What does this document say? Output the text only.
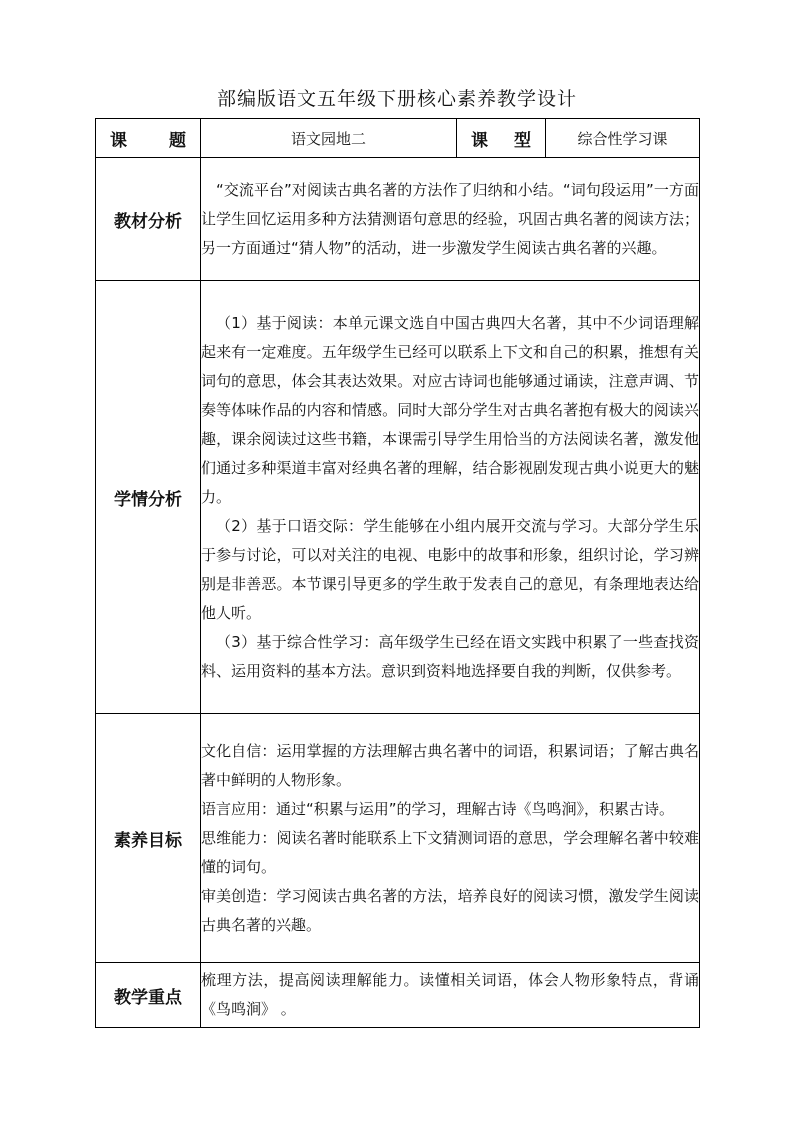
部编版语文五年级下册核心素养教学设计
课 题	语文园地二	课 型	综合性学习课
教材分析	“交流平台”对阅读古典名著的方法作了归纳和小结。“词句段运用”一方面让学生回忆运用多种方法猜测语句意思的经验，巩固古典名著的阅读方法；另一方面通过“猜人物”的活动，进一步激发学生阅读古典名著的兴趣。		

学情分析	（1）基于阅读：本单元课文选自中国古典四大名著，其中不少词语理解起来有一定难度。五年级学生已经可以联系上下文和自己的积累，推想有关词句的意思，体会其表达效果。对应古诗词也能够通过诵读，注意声调、节奏等体味作品的内容和情感。同时大部分学生对古典名著抱有极大的阅读兴趣，课余阅读过这些书籍，本课需引导学生用恰当的方法阅读名著，激发他们通过多种渠道丰富对经典名著的理解，结合影视剧发现古典小说更大的魅力。

（2）基于口语交际：学生能够在小组内展开交流与学习。大部分学生乐于参与讨论，可以对关注的电视、电影中的故事和形象，组织讨论，学习辨别是非善恶。本节课引导更多的学生敢于发表自己的意见，有条理地表达给他人听。

（3）基于综合性学习：高年级学生已经在语文实践中积累了一些查找资料、运用资料的基本方法。意识到资料地选择要自我的判断，仅供参考。		

素养目标	文化自信：运用掌握的方法理解古典名著中的词语，积累词语；了解古典名著中鲜明的人物形象。

语言应用：通过“积累与运用”的学习，理解古诗《鸟鸣涧》，积累古诗。

思维能力：阅读名著时能联系上下文猜测词语的意思，学会理解名著中较难懂的词句。

审美创造：学习阅读古典名著的方法，培养良好的阅读习惯，激发学生阅读古典名著的兴趣。		

教学重点	梳理方法，提高阅读理解能力。读懂相关词语，体会人物形象特点，背诵《鸟鸣涧》 。		
